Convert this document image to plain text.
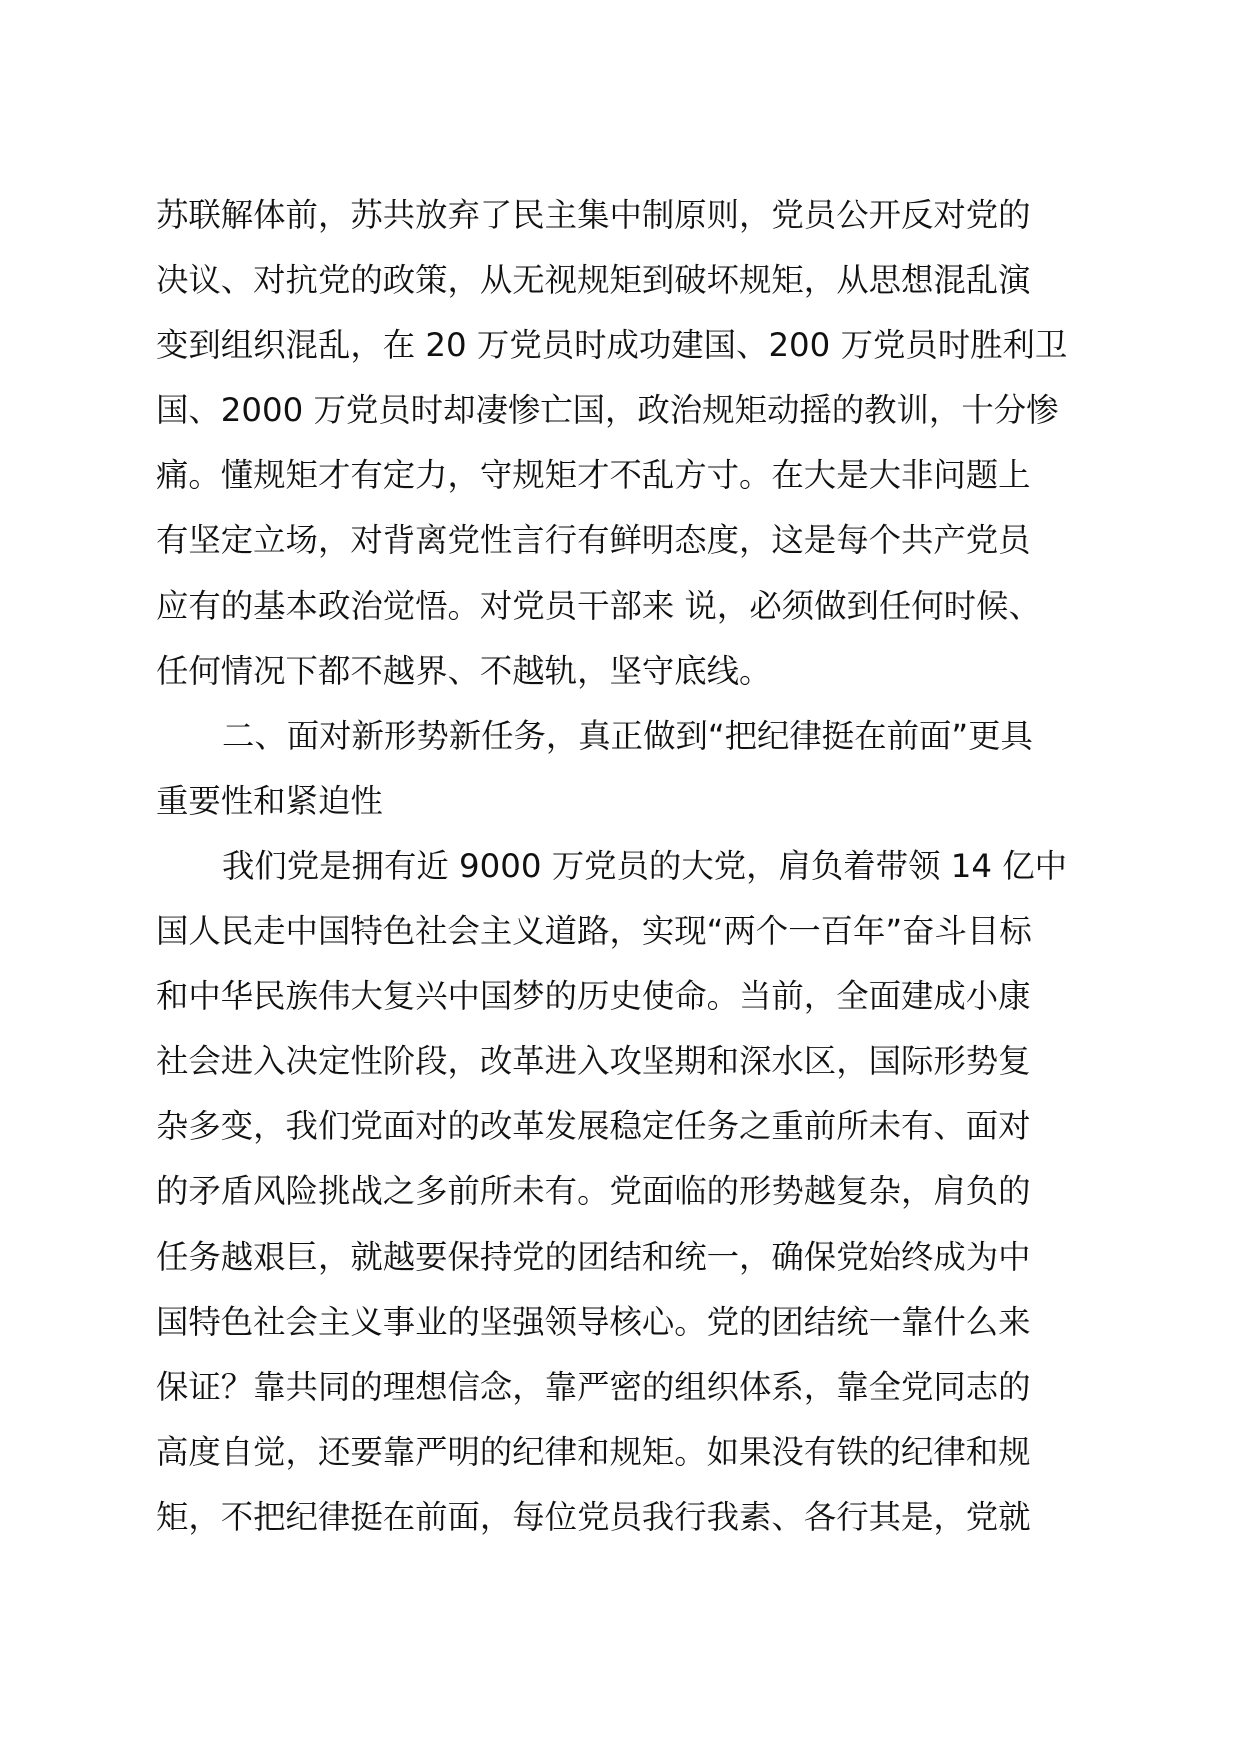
苏联解体前，苏共放弃了民主集中制原则，党员公开反对党的
决议、对抗党的政策，从无视规矩到破坏规矩，从思想混乱演
变到组织混乱，在 20 万党员时成功建国、200 万党员时胜利卫
国、2000 万党员时却凄惨亡国，政治规矩动摇的教训，十分惨
痛。懂规矩才有定力，守规矩才不乱方寸。在大是大非问题上
有坚定立场，对背离党性言行有鲜明态度，这是每个共产党员
应有的基本政治觉悟。对党员干部来 说，必须做到任何时候、
任何情况下都不越界、不越轨，坚守底线。
二、面对新形势新任务，真正做到“把纪律挺在前面”更具
重要性和紧迫性
我们党是拥有近 9000 万党员的大党，肩负着带领 14 亿中
国人民走中国特色社会主义道路，实现“两个一百年”奋斗目标
和中华民族伟大复兴中国梦的历史使命。当前，全面建成小康
社会进入决定性阶段，改革进入攻坚期和深水区，国际形势复
杂多变，我们党面对的改革发展稳定任务之重前所未有、面对
的矛盾风险挑战之多前所未有。党面临的形势越复杂，肩负的
任务越艰巨，就越要保持党的团结和统一，确保党始终成为中
国特色社会主义事业的坚强领导核心。党的团结统一靠什么来
保证？靠共同的理想信念，靠严密的组织体系，靠全党同志的
高度自觉，还要靠严明的纪律和规矩。如果没有铁的纪律和规
矩，不把纪律挺在前面，每位党员我行我素、各行其是，党就
